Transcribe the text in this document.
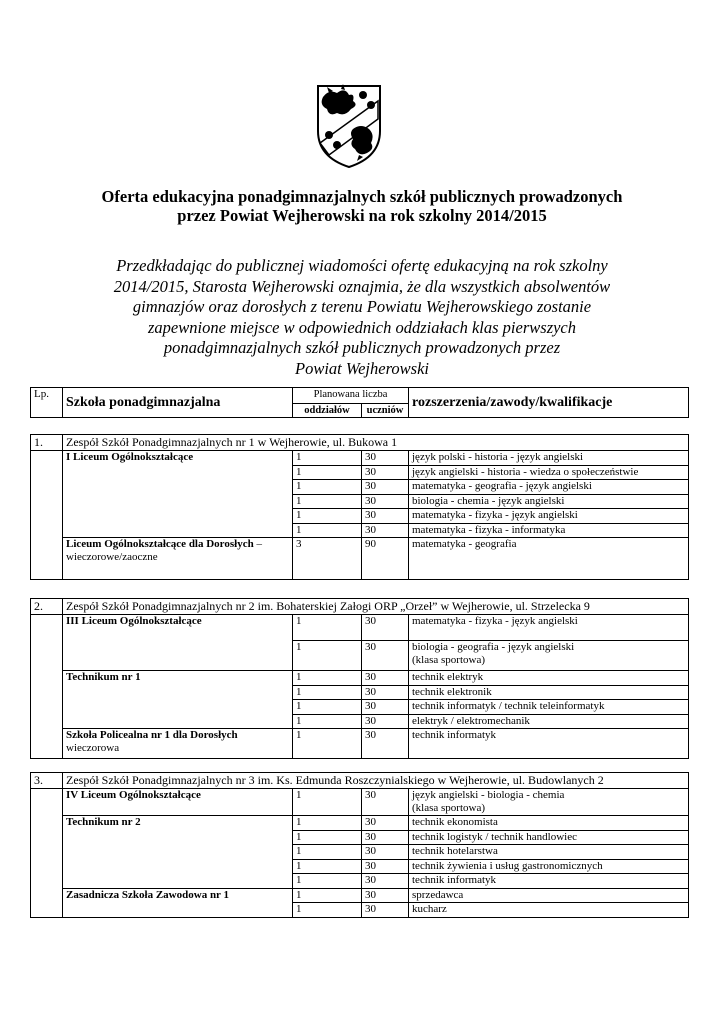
Oferta edukacyjna ponadgimnazjalnych szkół publicznych prowadzonych
przez Powiat Wejherowski na rok szkolny 2014/2015
Przedkładając do publicznej wiadomości ofertę edukacyjną na rok szkolny
2014/2015, Starosta Wejherowski oznajmia, że dla wszystkich absolwentów
gimnazjów oraz dorosłych z terenu Powiatu Wejherowskiego zostanie
zapewnione miejsce w odpowiednich oddziałach klas pierwszych
ponadgimnazjalnych szkół publicznych prowadzonych przez
Powiat Wejherowski
Lp.	Szkoła ponadgimnazjalna	Planowana liczba		rozszerzenia/zawody/kwalifikacje
		oddziałów	uczniów	
1.	Zespół Szkół Ponadgimnazjalnych nr 1 w Wejherowie, ul. Bukowa 1			
	I Liceum Ogólnokształcące	1	30	język polski - historia - język angielski
		1	30	język angielski - historia - wiedza o społeczeństwie
		1	30	matematyka - geografia - język angielski
		1	30	biologia - chemia - język angielski
		1	30	matematyka - fizyka - język angielski
		1	30	matematyka - fizyka - informatyka
	Liceum Ogólnokształcące dla Dorosłych –
wieczorowe/zaoczne	3	90	matematyka - geografia
2.	Zespół Szkół Ponadgimnazjalnych nr 2 im. Bohaterskiej Załogi ORP „Orzeł” w Wejherowie, ul. Strzelecka 9			
	III Liceum Ogólnokształcące	1	30	matematyka - fizyka - język angielski
		1	30	biologia - geografia - język angielski
(klasa sportowa)
	Technikum nr 1	1	30	technik elektryk
		1	30	technik elektronik
		1	30	technik informatyk / technik teleinformatyk
		1	30	elektryk / elektromechanik
	Szkoła Policealna nr 1 dla Dorosłych
wieczorowa	1	30	technik informatyk
3.	Zespół Szkół Ponadgimnazjalnych nr 3 im. Ks. Edmunda Roszczynialskiego w Wejherowie, ul. Budowlanych 2			
	IV Liceum Ogólnokształcące	1	30	język angielski - biologia - chemia
(klasa sportowa)
	Technikum nr 2	1	30	technik ekonomista
		1	30	technik logistyk / technik handlowiec
		1	30	technik hotelarstwa
		1	30	technik żywienia i usług gastronomicznych
		1	30	technik informatyk
	Zasadnicza Szkoła Zawodowa nr 1	1	30	sprzedawca
		1	30	kucharz
